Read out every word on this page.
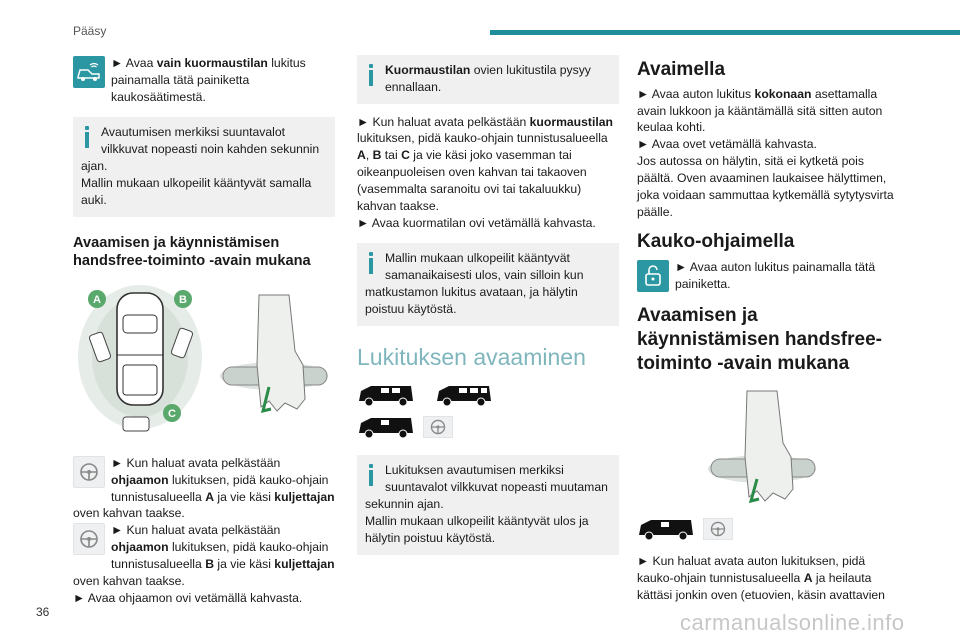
Pääsy
36	carmanualsonline.info

► Avaa vain kuormaustilan lukitus painamalla tätä painiketta kaukosäätimestä.

Avautumisen merkiksi suuntavalot vilkkuvat nopeasti noin kahden sekunnin ajan.

Mallin mukaan ulkopeilit kääntyvät samalla auki.

Avaamisen ja käynnistämisen handsfree-toiminto -avain mukana
A	B
C

► Kun haluat avata pelkästään ohjaamon lukituksen, pidä kauko-ohjain tunnistusalueella A ja vie käsi kuljettajan oven kahvan taakse.

► Kun haluat avata pelkästään ohjaamon lukituksen, pidä kauko-ohjain tunnistusalueella B ja vie käsi kuljettajan oven kahvan taakse.

► Avaa ohjaamon ovi vetämällä kahvasta.

Kuormaustilan ovien lukitustila pysyy ennallaan.

► Kun haluat avata pelkästään kuormaustilan lukituksen, pidä kauko-ohjain tunnistusalueella A, B tai C ja vie käsi joko vasemman tai oikeanpuoleisen oven kahvan tai takaoven (vasemmalta saranoitu ovi tai takaluukku) kahvan taakse.

► Avaa kuormatilan ovi vetämällä kahvasta.

Mallin mukaan ulkopeilit kääntyvät samanaikaisesti ulos, vain silloin kun matkustamon lukitus avataan, ja hälytin poistuu käytöstä.

Lukituksen avaaminen

Lukituksen avautumisen merkiksi suuntavalot vilkkuvat nopeasti muutaman sekunnin ajan.

Mallin mukaan ulkopeilit kääntyvät ulos ja hälytin poistuu käytöstä.

Avaimella

► Avaa auton lukitus kokonaan asettamalla avain lukkoon ja kääntämällä sitä sitten auton keulaa kohti.

► Avaa ovet vetämällä kahvasta.

Jos autossa on hälytin, sitä ei kytketä pois päältä. Oven avaaminen laukaisee hälyttimen, joka voidaan sammuttaa kytkemällä sytytysvirta päälle.

Kauko-ohjaimella

► Avaa auton lukitus painamalla tätä painiketta.

Avaamisen ja käynnistämisen handsfree-toiminto -avain mukana

► Kun haluat avata auton lukituksen, pidä kauko-ohjain tunnistusalueella A ja heilauta kättäsi jonkin oven (etuovien, käsin avattavien
